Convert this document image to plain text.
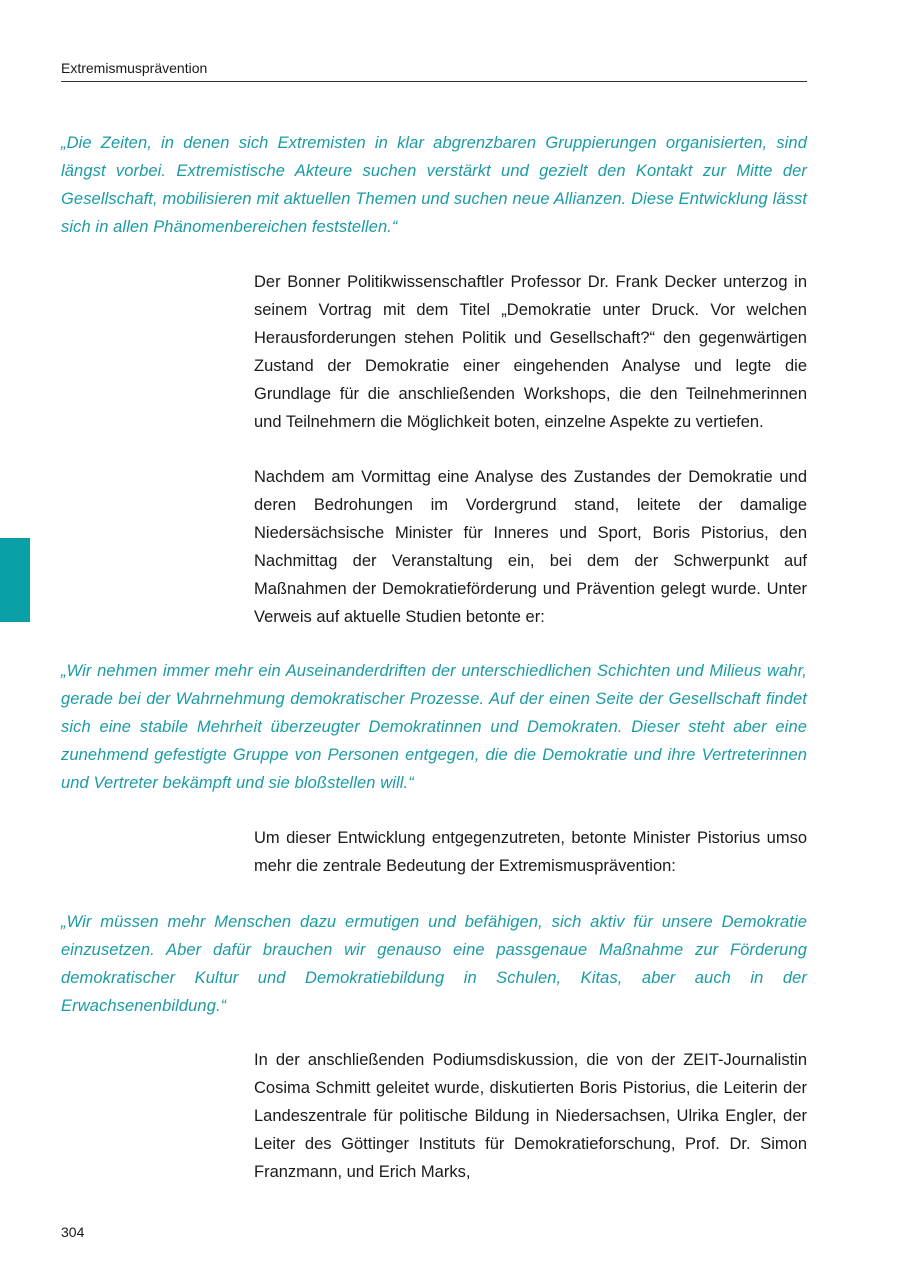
Extremismusprävention

„Die Zeiten, in denen sich Extremisten in klar abgrenzbaren Gruppierungen organisierten, sind längst vorbei. Extremistische Akteure suchen verstärkt und gezielt den Kontakt zur Mitte der Gesellschaft, mobilisieren mit aktuellen Themen und suchen neue Allianzen. Diese Entwicklung lässt sich in allen Phänomenbereichen feststellen.“

Der Bonner Politikwissenschaftler Professor Dr. Frank Decker unterzog in seinem Vortrag mit dem Titel „Demokratie unter Druck. Vor welchen Herausforderungen stehen Politik und Gesellschaft?“ den gegenwärtigen Zustand der Demokratie einer eingehenden Analyse und legte die Grundlage für die anschließenden Workshops, die den Teilnehmerinnen und Teilnehmern die Möglichkeit boten, einzelne Aspekte zu vertiefen.

Nachdem am Vormittag eine Analyse des Zustandes der Demokratie und deren Bedrohungen im Vordergrund stand, leitete der damalige Niedersächsische Minister für Inneres und Sport, Boris Pistorius, den Nachmittag der Veranstaltung ein, bei dem der Schwerpunkt auf Maßnahmen der Demokratieförderung und Prävention gelegt wurde. Unter Verweis auf aktuelle Studien betonte er:

„Wir nehmen immer mehr ein Auseinanderdriften der unterschiedlichen Schichten und Milieus wahr, gerade bei der Wahrnehmung demokratischer Prozesse. Auf der einen Seite der Gesellschaft findet sich eine stabile Mehrheit überzeugter Demokratinnen und Demokraten. Dieser steht aber eine zunehmend gefestigte Gruppe von Personen entgegen, die die Demokratie und ihre Vertreterinnen und Vertreter bekämpft und sie bloßstellen will.“

Um dieser Entwicklung entgegenzutreten, betonte Minister Pistorius umso mehr die zentrale Bedeutung der Extremismusprävention:

„Wir müssen mehr Menschen dazu ermutigen und befähigen, sich aktiv für unsere Demokratie einzusetzen. Aber dafür brauchen wir genauso eine passgenaue Maßnahme zur Förderung demokratischer Kultur und Demokratiebildung in Schulen, Kitas, aber auch in der Erwachsenenbildung.“

In der anschließenden Podiumsdiskussion, die von der ZEIT-Journalistin Cosima Schmitt geleitet wurde, diskutierten Boris Pistorius, die Leiterin der Landeszentrale für politische Bildung in Niedersachsen, Ulrika Engler, der Leiter des Göttinger Instituts für Demokratieforschung, Prof. Dr. Simon Franzmann, und Erich Marks,

304
